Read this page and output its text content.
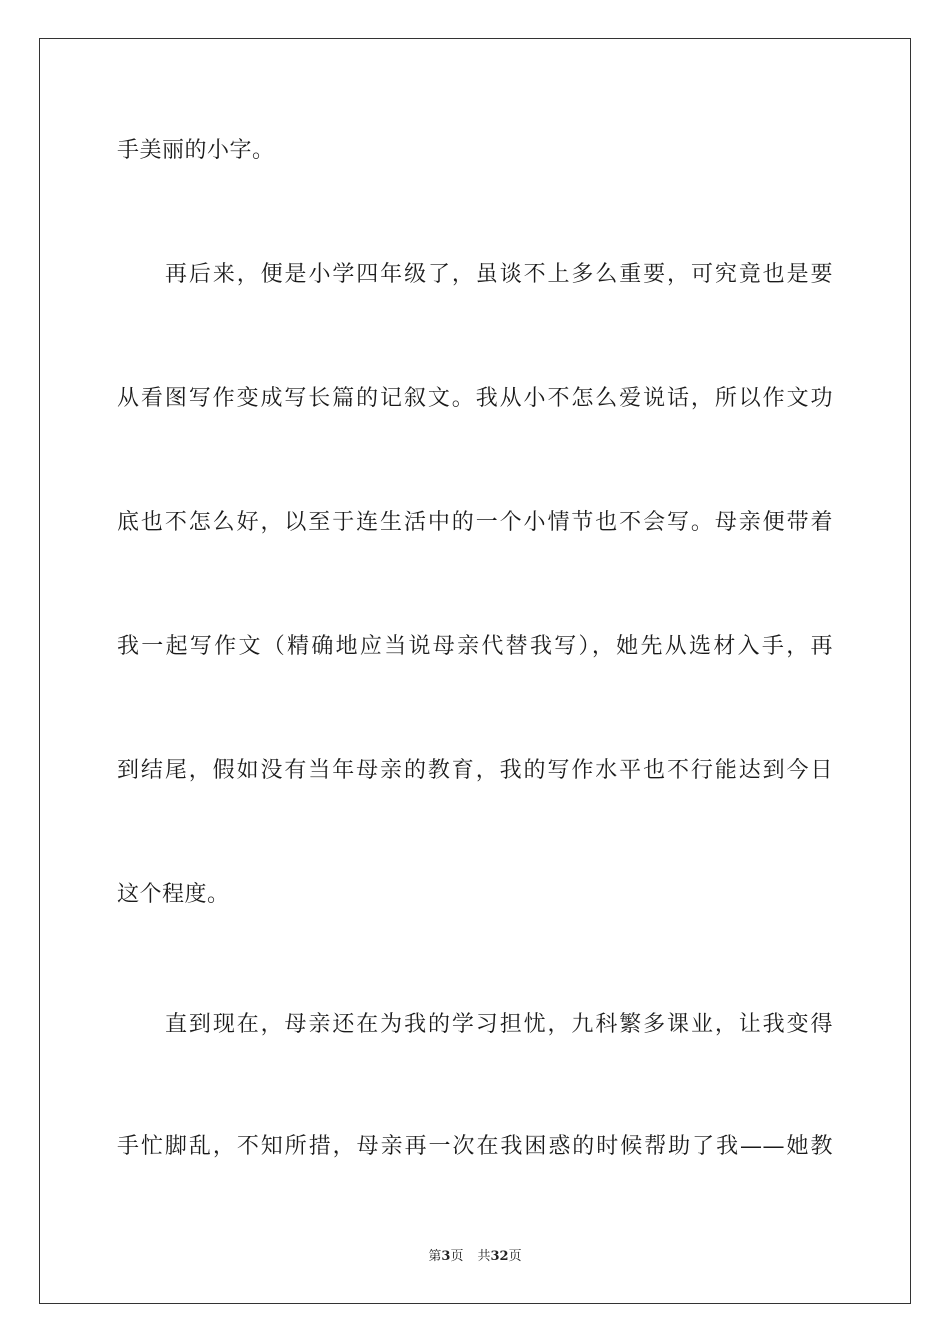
手美丽的小字。
再后来，便是小学四年级了，虽谈不上多么重要，可究竟也是要
从看图写作变成写长篇的记叙文。我从小不怎么爱说话，所以作文功
底也不怎么好，以至于连生活中的一个小情节也不会写。母亲便带着
我一起写作文（精确地应当说母亲代替我写），她先从选材入手，再
到结尾，假如没有当年母亲的教育，我的写作水平也不行能达到今日
这个程度。
直到现在，母亲还在为我的学习担忧，九科繁多课业，让我变得
手忙脚乱，不知所措，母亲再一次在我困惑的时候帮助了我——她教
第3页 共32页
